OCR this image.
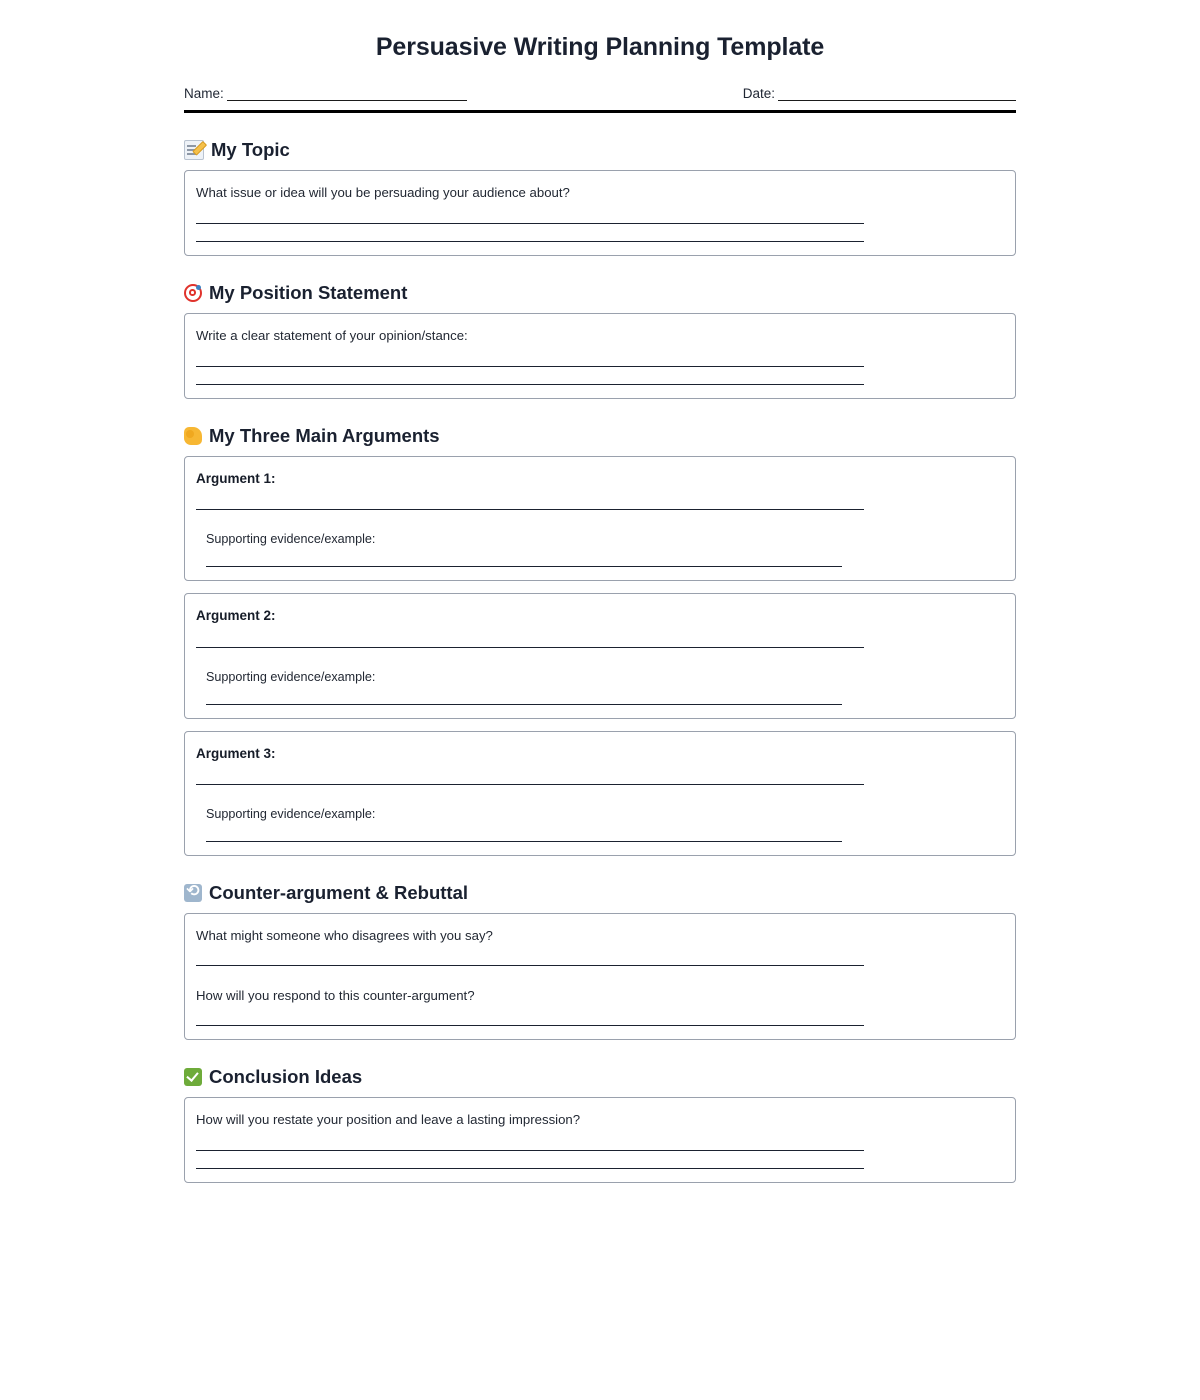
Persuasive Writing Planning Template
Name:	Date:
My Topic

What issue or idea will you be persuading your audience about?

My Position Statement

Write a clear statement of your opinion/stance:

My Three Main Arguments

Argument 1:

Supporting evidence/example:

Argument 2:

Supporting evidence/example:

Argument 3:

Supporting evidence/example:

⟲
Counter-argument & Rebuttal

What might someone who disagrees with you say?

How will you respond to this counter-argument?

Conclusion Ideas

How will you restate your position and leave a lasting impression?
